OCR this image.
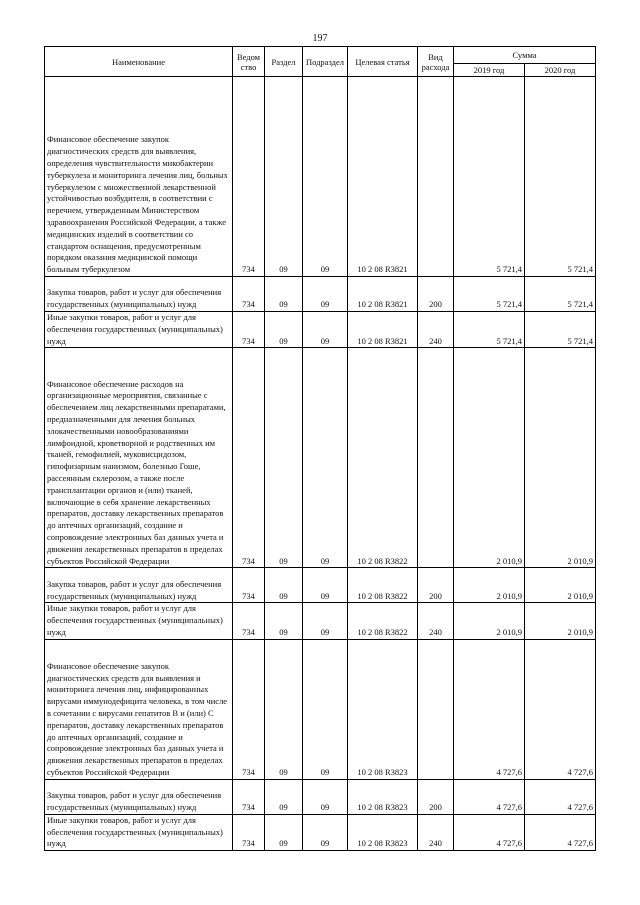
197
Наименование	Ведом ство	Раздел	Подраздел	Целевая статья	Вид расхода	Сумма	
						2019 год	2020 год
Финансовое обеспечение закупок диагностических средств для выявления, определения чувствительности микобактерии туберкулеза и мониторинга лечения лиц, больных туберкулезом с множественной лекарственной устойчивостью возбудителя, в соответствии с перечнем, утвержденным Министерством здравоохранения Российской Федерации, а также медицинских изделий в соответствии со стандартом оснащения, предусмотренным порядком оказания медицинской помощи больным туберкулезом	734	09	09	10 2 08 R3821		5 721,4	5 721,4
Закупка товаров, работ и услуг для обеспечения государственных (муниципальных) нужд	734	09	09	10 2 08 R3821	200	5 721,4	5 721,4
Иные закупки товаров, работ и услуг для обеспечения государственных (муниципальных) нужд	734	09	09	10 2 08 R3821	240	5 721,4	5 721,4
Финансовое обеспечение расходов на организационные мероприятия, связанные с обеспечением лиц лекарственными препаратами, предназначенными для лечения больных злокачественными новообразованиями лимфоидной, кроветворной и родственных им тканей, гемофилией, муковисцидозом, гипофизарным нанизмом, болезнью Гоше, рассеянным склерозом, а также после трансплантации органов и (или) тканей, включающие в себя хранение лекарственных препаратов, доставку лекарственных препаратов до аптечных организаций, создание и сопровождение электронных баз данных учета и движения лекарственных препаратов в пределах субъектов Российской Федерации	734	09	09	10 2 08 R3822		2 010,9	2 010,9
Закупка товаров, работ и услуг для обеспечения государственных (муниципальных) нужд	734	09	09	10 2 08 R3822	200	2 010,9	2 010,9
Иные закупки товаров, работ и услуг для обеспечения государственных (муниципальных) нужд	734	09	09	10 2 08 R3822	240	2 010,9	2 010,9
Финансовое обеспечение закупок диагностических средств для выявления и мониторинга лечения лиц, инфицированных вирусами иммунодефицита человека, в том числе в сочетании с вирусами гепатитов B и (или) C препаратов, доставку лекарственных препаратов до аптечных организаций, создание и сопровождение электронных баз данных учета и движения лекарственных препаратов в пределах субъектов Российской Федерации	734	09	09	10 2 08 R3823		4 727,6	4 727,6
Закупка товаров, работ и услуг для обеспечения государственных (муниципальных) нужд	734	09	09	10 2 08 R3823	200	4 727,6	4 727,6
Иные закупки товаров, работ и услуг для обеспечения государственных (муниципальных) нужд	734	09	09	10 2 08 R3823	240	4 727,6	4 727,6
